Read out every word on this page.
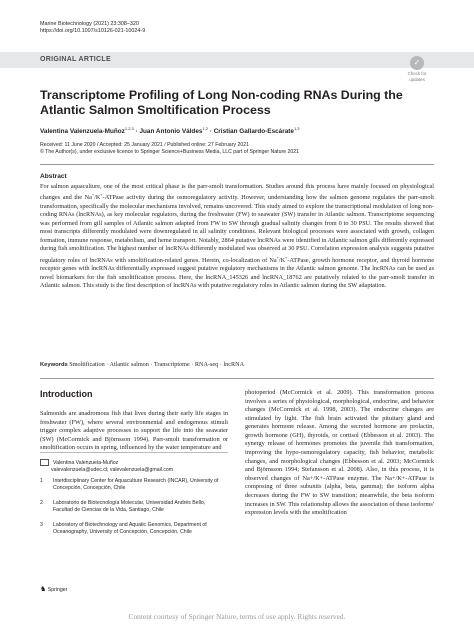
Marine Biotechnology (2021) 23:308–320
https://doi.org/10.1007/s10126-021-10024-9
ORIGINAL ARTICLE	✓
Check for
updates
Transcriptome Profiling of Long Non-coding RNAs During the Atlantic Salmon Smoltification Process
Valentina Valenzuela-Muñoz$^{1,2,3}$ · Juan Antonio Váldes$^{1,2}$ · Cristian Gallardo-Escárate$^{1,3}$
Received: 11 June 2020 / Accepted: 25 January 2021 / Published online: 27 February 2021
© The Author(s), under exclusive licence to Springer Science+Business Media, LLC part of Springer Nature 2021
Abstract
For salmon aquaculture, one of the most critical phase is the parr-smolt transformation. Studies around this process have mainly focused on physiological changes and the Na+/K+-ATPase activity during the osmoregulatory activity. However, understanding how the salmon genome regulates the parr-smolt transformation, specifically the molecular mechanisms involved, remains uncovered. This study aimed to explore the transcriptional modulation of long non-coding RNAs (lncRNAs), as key molecular regulators, during the freshwater (FW) to seawater (SW) transfer in Atlantic salmon. Transcriptome sequencing was performed from gill samples of Atlantic salmon adapted from FW to SW through gradual salinity changes from 0 to 30 PSU. The results showed that most transcripts differently modulated were downregulated in all salinity conditions. Relevant biological processes were associated with growth, collagen formation, immune response, metabolism, and heme transport. Notably, 2864 putative lncRNAs were identified in Atlantic salmon gills differently expressed during fish smoltification. The highest number of lncRNAs differently modulated was observed at 30 PSU. Correlation expression analysis suggests putative regulatory roles of lncRNAs with smoltification-related genes. Herein, co-localization of Na+/K+-ATPase, growth hormone receptor, and thyroid hormone receptor genes with lncRNAs differentially expressed suggest putative regulatory mechanisms in the Atlantic salmon genome. The lncRNAs can be used as novel biomarkers for the fish smoltification process. Here, the lncRNA_145326 and lncRNA_18762 are putatively related to the parr-smolt transfer in Atlantic salmon. This study is the first description of lncRNAs with putative regulatory roles in Atlantic salmon during the SW adaptation.
Keywords Smoltification · Atlantic salmon · Transcriptome · RNA-seq · lncRNA
Introduction
Salmonids are anadromous fish that lives during their early life stages in freshwater (FW), where several environmental and endogenous stimuli trigger complex adaptive processes to support the life into the seawater (SW) (McCormick and Björnsson 1994). Parr-smolt transformation or smoltification occurs in spring, influenced by the water temperature and
photoperiod (McCormick et al. 2009). This transformation process involves a series of physiological, morphological, endocrine, and behavior changes (McCormick et al. 1998, 2003). The endocrine changes are stimulated by light. The fish brain activated the pituitary gland and generates hormone release. Among the secreted hormone are prolactin, growth hormone (GH), thyroids, or cortisol (Ebbesson et al. 2003). The synergy release of hormones promotes the juvenile fish transformation, improving the hypo-osmoregulatory capacity, fish behavior, metabolic changes, and morphological changes (Ebbesson et al. 2003; McCormick and Björnsson 1994; Stefansson et al. 2008). Also, in this process, it is observed changes of Na+/K+-ATPase enzyme. The Na+/K+-ATPase is composing of three subunits (alpha, beta, gamma); the isoform alpha decreases during the FW to SW transition; meanwhile, the beta isoform increases in SW. This relationship allows the association of these isoforms' expression levels with the smoltification
Valentina Valenzuela-Muñoz
valevalenzuela@udec.cl; valevalenzuela@gmail.com
1 Interdisciplinary Center for Aquaculture Research (INCAR), University of Concepción, Concepción, Chile
2 Laboratorio de Biotecnología Molecular, Universidad Andrés Bello, Facultad de Ciencias de la Vida, Santiago, Chile
3 Laboratory of Biotechnology and Aquatic Genomics, Department of Oceanography, University of Concepción, Concepción, Chile
♞ Springer
Content courtesy of Springer Nature, terms of use apply. Rights reserved.
